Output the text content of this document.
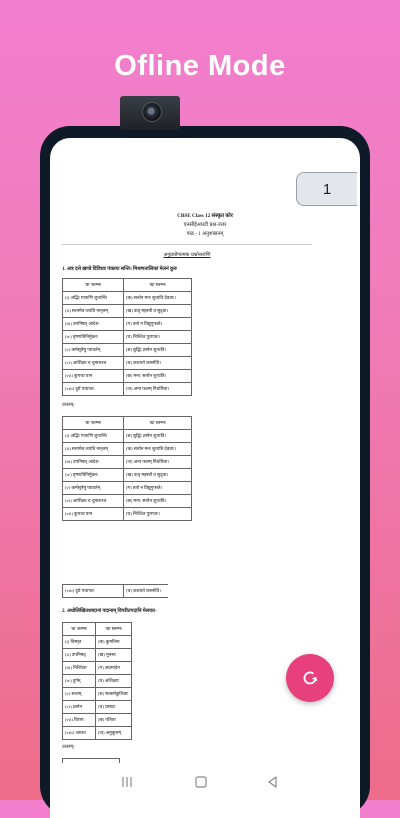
Ofline Mode
CBSE Class 12 संस्कृत कोर
एनसीईआरटी प्रश्न-उत्तर
पाठ - 1 अनुशासनम्
अनुप्रयोगात्मक प्रश्नोत्तराणि
1. अत्र दत्ते खण्डे दिविधाः पंक्तयः सन्ति। मिश्रणतालिकां मेलनं कुरु
'क' स्तम्भः	'ख' स्तम्भः
(i) अद्भिः गात्राणि शुध्यन्ति	(क) सत्येन मनः शुध्यति देवताः।
(ii) सत्यमेव जयति नानृतम्	(ख) दातृ महस्यौ व सुदृता।
(iii) उपनिषत् आदेश	(ग) ततो न विद्युगुप्सते।
(iv) तृष्णाविनिर्मुक्तः	(घ) निश्चित पुरापतः।
(v) कर्मसूत्रेषु प्यावर्तन्	(ङ) बुद्धिः ज्ञानेन शुध्यति।
(vi) आशिक्ष्य च चुनाशश्च	(च) कथयते शक्नोति।
(vii) कुपथ्य यान	(छ) मना: सत्येन शुध्यति।
(viii) दुर्घ पथापत:	(ज) अन्य फलम् निर्धारिता।
उत्तरम्-
'क' स्तम्भः	'ख' स्तम्भः
(i) अद्भिः गात्राणि शुध्यन्ति	(ङ) बुद्धिः ज्ञानेन शुध्यति।
(ii) सत्यमेव जयति नानृतम्	(क) सत्येन मनः शुध्यति देवताः।
(iii) उपनिषत् आदेश	(ज) अन्य फलम् निर्धारिता।
(iv) तृष्णाविनिर्मुक्तः	(ख) दातृ महस्यौ व सुदृता।
(v) कर्मसूत्रेषु प्यावर्तन्	(ग) ततो न विद्युगुप्सते।
(vi) आशिक्ष्य च चुनाशश्च	(छ) मना: सत्येन शुध्यति।
(vii) कुपथ्य यान	(घ) निश्चित पुरापतः।
(viii) दुर्घ पथापत:	(च) कथयते शक्नोति।
2. अधोलिखितशब्दानां पदानाम् विपरीतपदानि मेलयत-
'क' स्तम्भः	'ख' स्तम्भः
(i) विस्मृत	(क) कुमतिना
(ii) उपनिषद्	(ख) मुनस्य
(iii) निश्चिता	(ग) अप्रमादेन
(iv) दुर्गम्	(घ) अशिक्षय
(v) सत्यम्	(ङ) सत्कर्मकुशिताः
(vi) ज्ञानेन	(च) प्रसादः
(vii) विराग:	(छ) पतिता
(viii) आशत	(ज) अनुकूलम्
उत्तरम्-
1
